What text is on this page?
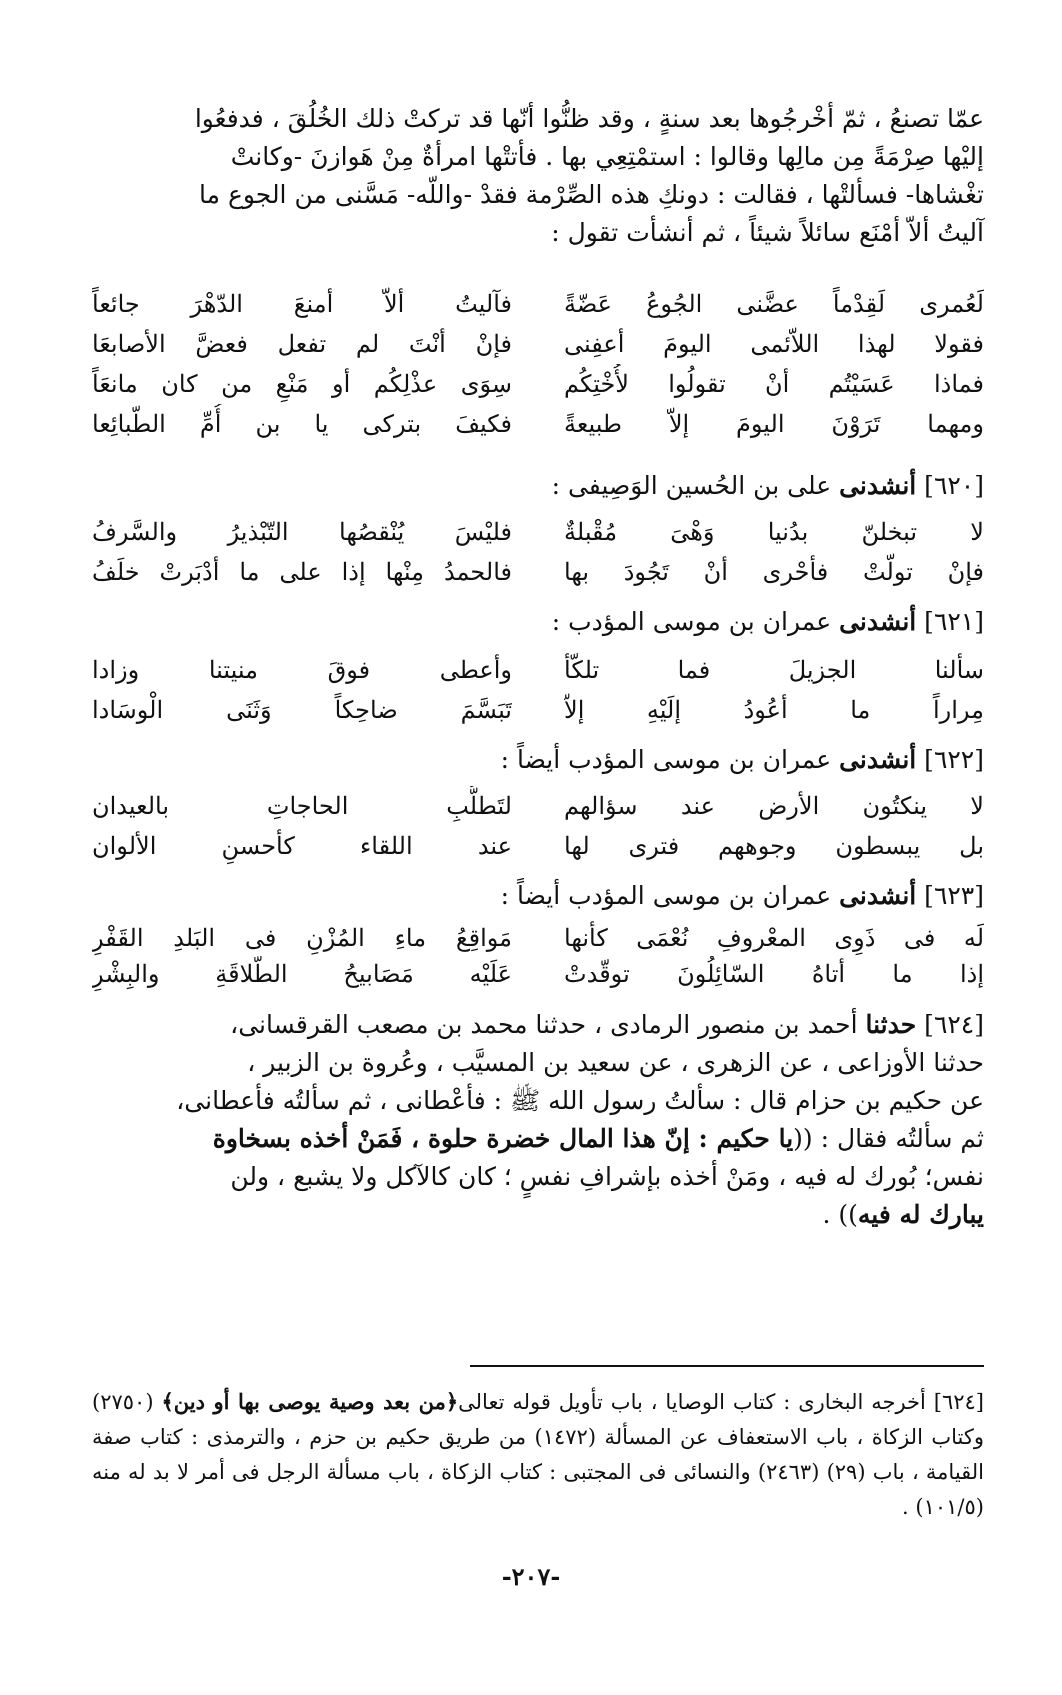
عمّا تصنعُ ، ثمّ أخْرجُوها بعد سنةٍ ، وقد ظنُّوا أنّها قد تركتْ ذلك الخُلُقَ ، فدفعُوا

إليْها صِرْمَةً مِن مالِها وقالوا : استمْتِعِي بها . فأتتْها امرأةٌ مِنْ هَوازنَ -وكانتْ

تغْشاها- فسألتْها ، فقالت : دونكِ هذه الصِّرْمة فقدْ -واللّه- مَسَّنى من الجوع ما

آليتُ ألاّ أمْنَع سائلاً شيئاً ، ثم أنشأت تقول :

لَعُمرى لَقِدْماً عضَّنى الجُوعُ عَضّةً
فآليتُ ألاّ أمنعَ الدّهْرَ جائعاً
فقولا لهذا اللاّئمى اليومَ أعفِنى
فإنْ أنْتَ لم تفعل فعضَّ الأصابعَا
فماذا عَسَيْتُم أنْ تقولُوا لأُخْتِكُم
سِوَى عذْلِكُم أو مَنْعِ من كان مانعَاً
ومهما تَرَوْنَ اليومَ إلاّ طبيعةً
فكيفَ بتركى يا بن أُمِّ الطّبائِعا
[٦٢٠] أنشدنى على بن الحُسين الوَصِيفى :
لا تبخلنّ بدُنيا وَهْىَ مُقْبلةٌ
فليْسَ يُنْقصُها التّبْذيرُ والسَّرفُ
فإنْ تولّتْ فأحْرى أنْ تَجُودَ بها
فالحمدُ مِنْها إذا على ما أدْبَرتْ خلَفُ
[٦٢١] أنشدنى عمران بن موسى المؤدب :
سألنا الجزيلَ فما تلكّأ
وأعطى فوقَ منيتنا وزادا
مِراراً ما أعُودُ إلَيْهِ إلاّ
تَبَسَّمَ ضاحِكاً وَثَنَى الْوسَادا
[٦٢٢] أنشدنى عمران بن موسى المؤدب أيضاً :
لا ينكتُون الأرض عند سؤالهم
لتَطلُّبِ الحاجاتِ بالعيدان
بل يبسطون وجوههم فترى لها
عند اللقاء كأحسنِ الألوان
[٦٢٣] أنشدنى عمران بن موسى المؤدب أيضاً :
لَه فى ذَوِى المعْروفِ نُعْمَى كأنها
مَواقِعُ ماءِ المُزْنِ فى البَلدِ القَفْرِ
إذا ما أتاهُ السّائِلُونَ توقّدتْ
عَلَيْه مَصَابيحُ الطّلاقَةِ والبِشْرِ

[٦٢٤] حدثنا أحمد بن منصور الرمادى ، حدثنا محمد بن مصعب القرقسانى،

حدثنا الأوزاعى ، عن الزهرى ، عن سعيد بن المسيَّب ، وعُروة بن الزبير ،

عن حكيم بن حزام قال : سألتُ رسول الله ﷺ : فأعْطانى ، ثم سألتُه فأعطانى،

ثم سألتُه فقال : ((يا حكيم : إنّ هذا المال خضرة حلوة ، فَمَنْ أخذه بسخاوة

نفس؛ بُورك له فيه ، ومَنْ أخذه بإشرافِ نفسٍ ؛ كان كالآكل ولا يشبع ، ولن

يبارك له فيه)) .

[٦٢٤] أخرجه البخارى : كتاب الوصايا ، باب تأويل قوله تعالى﴿من بعد وصية يوصى بها أو دين﴾ (٢٧٥٠) وكتاب الزكاة ، باب الاستعفاف عن المسألة (١٤٧٢) من طريق حكيم بن حزم ، والترمذى : كتاب صفة القيامة ، باب (٢٩) (٢٤٦٣) والنسائى فى المجتبى : كتاب الزكاة ، باب مسألة الرجل فى أمر لا بد له منه (١٠١/٥) .

-٢٠٧-
